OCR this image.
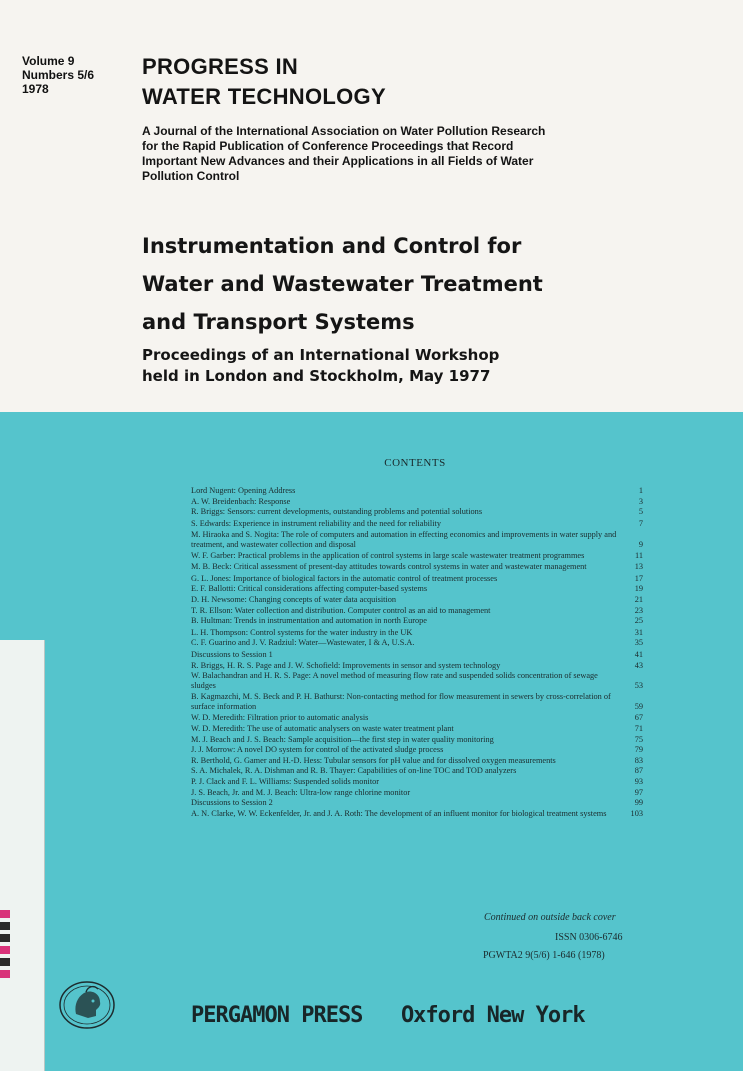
Volume 9
Numbers 5/6
1978
PROGRESS IN
WATER TECHNOLOGY
A Journal of the International Association on Water Pollution Research
for the Rapid Publication of Conference Proceedings that Record
Important New Advances and their Applications in all Fields of Water
Pollution Control
Instrumentation and Control for
Water and Wastewater Treatment
and Transport Systems
Proceedings of an International Workshop
held in London and Stockholm, May 1977
CONTENTS
Lord Nugent: Opening Address	1
A. W. Breidenbach: Response	3
R. Briggs: Sensors: current developments, outstanding problems and potential solutions	5
S. Edwards: Experience in instrument reliability and the need for reliability	7
M. Hiraoka and S. Nogita: The role of computers and automation in effecting economics and improvements in water supply and treatment, and wastewater collection and disposal	9
W. F. Garber: Practical problems in the application of control systems in large scale wastewater treatment programmes	11
M. B. Beck: Critical assessment of present-day attitudes towards control systems in water and wastewater management	13
G. L. Jones: Importance of biological factors in the automatic control of treatment processes	17
E. F. Ballotti: Critical considerations affecting computer-based systems	19
D. H. Newsome: Changing concepts of water data acquisition	21
T. R. Ellson: Water collection and distribution. Computer control as an aid to management	23
B. Hultman: Trends in instrumentation and automation in north Europe	25
L. H. Thompson: Control systems for the water industry in the UK	31
C. F. Guarino and J. V. Radziul: Water—Wastewater, I & A, U.S.A.	35
Discussions to Session 1	41
R. Briggs, H. R. S. Page and J. W. Schofield: Improvements in sensor and system technology	43
W. Balachandran and H. R. S. Page: A novel method of measuring flow rate and suspended solids concentration of sewage sludges	53
B. Kagmazchi, M. S. Beck and P. H. Bathurst: Non-contacting method for flow measurement in sewers by cross-correlation of surface information	59
W. D. Meredith: Filtration prior to automatic analysis	67
W. D. Meredith: The use of automatic analysers on waste water treatment plant	71
M. J. Beach and J. S. Beach: Sample acquisition—the first step in water quality monitoring	75
J. J. Morrow: A novel DO system for control of the activated sludge process	79
R. Berthold, G. Gamer and H.-D. Hess: Tubular sensors for pH value and for dissolved oxygen measurements	83
S. A. Michalek, R. A. Dishman and R. B. Thayer: Capabilities of on-line TOC and TOD analyzers	87
P. J. Clack and F. L. Williams: Suspended solids monitor	93
J. S. Beach, Jr. and M. J. Beach: Ultra-low range chlorine monitor	97
Discussions to Session 2	99
A. N. Clarke, W. W. Eckenfelder, Jr. and J. A. Roth: The development of an influent monitor for biological treatment systems	103
Continued on outside back cover
ISSN 0306-6746
PGWTA2 9(5/6) 1-646 (1978)
PERGAMON PRESS Oxford New York
